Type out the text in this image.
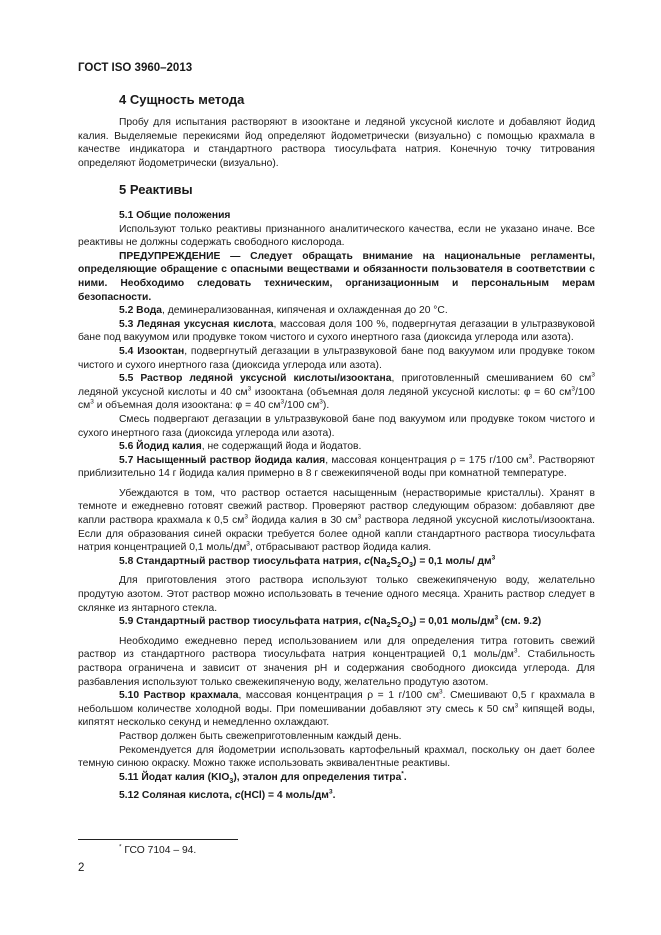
ГОСТ ISO 3960–2013
4 Сущность метода

Пробу для испытания растворяют в изооктане и ледяной уксусной кислоте и добавляют йодид калия. Выделяемые перекисями йод определяют йодометрически (визуально) с помощью крахмала в качестве индикатора и стандартного раствора тиосульфата натрия. Конечную точку титрования определяют йодометрически (визуально).

5 Реактивы

5.1 Общие положения

Используют только реактивы признанного аналитического качества, если не указано иначе. Все реактивы не должны содержать свободного кислорода.

ПРЕДУПРЕЖДЕНИЕ — Следует обращать внимание на национальные регламенты, определяющие обращение с опасными веществами и обязанности пользователя в соответствии с ними. Необходимо следовать техническим, организационным и персональным мерам безопасности.

5.2 Вода, деминерализованная, кипяченая и охлажденная до 20 °C.

5.3 Ледяная уксусная кислота, массовая доля 100 %, подвергнутая дегазации в ультразвуковой бане под вакуумом или продувке током чистого и сухого инертного газа (диоксида углерода или азота).

5.4 Изооктан, подвергнутый дегазации в ультразвуковой бане под вакуумом или продувке током чистого и сухого инертного газа (диоксида углерода или азота).

5.5 Раствор ледяной уксусной кислоты/изооктана, приготовленный смешиванием 60 $см^3$ ледяной уксусной кислоты и 40 $см^3$ изооктана (объемная доля ледяной уксусной кислоты: φ = 60 $см^3/100$ $см^3$ и объемная доля изооктана: φ = 40 $см^3/100$ $см^3$).

Смесь подвергают дегазации в ультразвуковой бане под вакуумом или продувке током чистого и сухого инертного газа (диоксида углерода или азота).

5.6 Йодид калия, не содержащий йода и йодатов.

5.7 Насыщенный раствор йодида калия, массовая концентрация ρ = 175 г/100 $см^3$. Растворяют приблизительно 14 г йодида калия примерно в 8 г свежекипяченой воды при комнатной температуре.

Убеждаются в том, что раствор остается насыщенным (нерастворимые кристаллы). Хранят в темноте и ежедневно готовят свежий раствор. Проверяют раствор следующим образом: добавляют две капли раствора крахмала к 0,5 $см^3$ йодида калия в 30 $см^3$ раствора ледяной уксусной кислоты/изооктана. Если для образования синей окраски требуется более одной капли стандартного раствора тиосульфата натрия концентрацией 0,1 моль/$дм^3$, отбрасывают раствор йодида калия.

5.8 Стандартный раствор тиосульфата натрия, $c(Na_2S_2O_3) = 0,1$ моль/ $дм^3$

Для приготовления этого раствора используют только свежекипяченую воду, желательно продутую азотом. Этот раствор можно использовать в течение одного месяца. Хранить раствор следует в склянке из янтарного стекла.

5.9 Стандартный раствор тиосульфата натрия, $c(Na_2S_2O_3) = 0,01$ моль/$дм^3$ (см. 9.2)

Необходимо ежедневно перед использованием или для определения титра готовить свежий раствор из стандартного раствора тиосульфата натрия концентрацией 0,1 моль/$дм^3$. Стабильность раствора ограничена и зависит от значения рН и содержания свободного диоксида углерода. Для разбавления используют только свежекипяченую воду, желательно продутую азотом.

5.10 Раствор крахмала, массовая концентрация ρ = 1 г/100 $см^3$. Смешивают 0,5 г крахмала в небольшом количестве холодной воды. При помешивании добавляют эту смесь к 50 $см^3$ кипящей воды, кипятят несколько секунд и немедленно охлаждают.

Раствор должен быть свежеприготовленным каждый день.

Рекомендуется для йодометрии использовать картофельный крахмал, поскольку он дает более темную синюю окраску. Можно также использовать эквивалентные реактивы.

5.11 Йодат калия $(KIO_3)$, эталон для определения титра*.

5.12 Соляная кислота, c(HCl) = 4 моль/$дм^3$.

* ГСО 7104 – 94.
2
